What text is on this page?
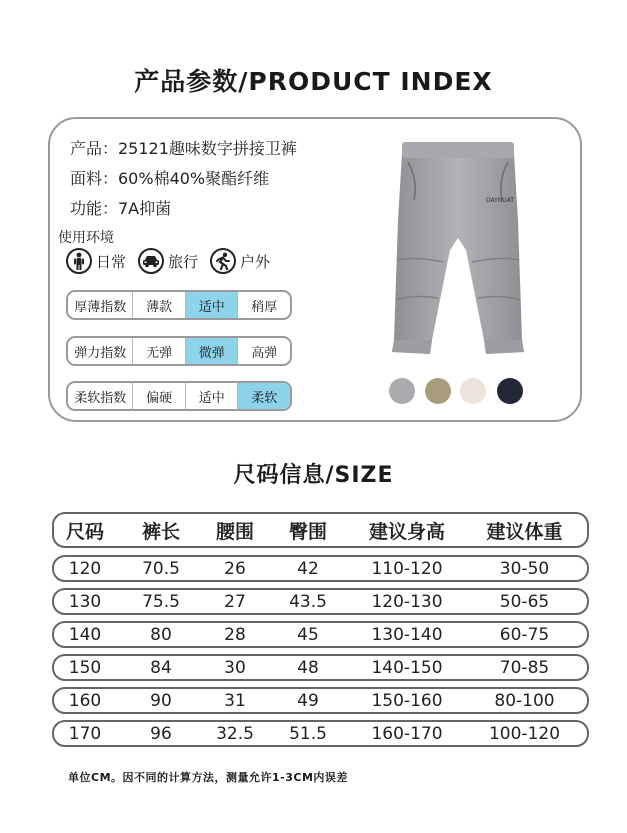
产品参数/PRODUCT INDEX
产品：25121趣味数字拼接卫裤
面料：60%棉40%聚酯纤维
功能：7A抑菌
使用环境
日常	旅行	户外
厚薄指数	薄款	适中	稍厚
弹力指数	无弹	微弹	高弹
柔软指数	偏硬	适中	柔软
DAYNUAT
尺码信息/SIZE
尺码	裤长	腰围	臀围	建议身高	建议体重
120	70.5	26	42	110-120	30-50
130	75.5	27	43.5	120-130	50-65
140	80	28	45	130-140	60-75
150	84	30	48	140-150	70-85
160	90	31	49	150-160	80-100
170	96	32.5	51.5	160-170	100-120
单位CM。因不同的计算方法，测量允许1-3CM内误差
